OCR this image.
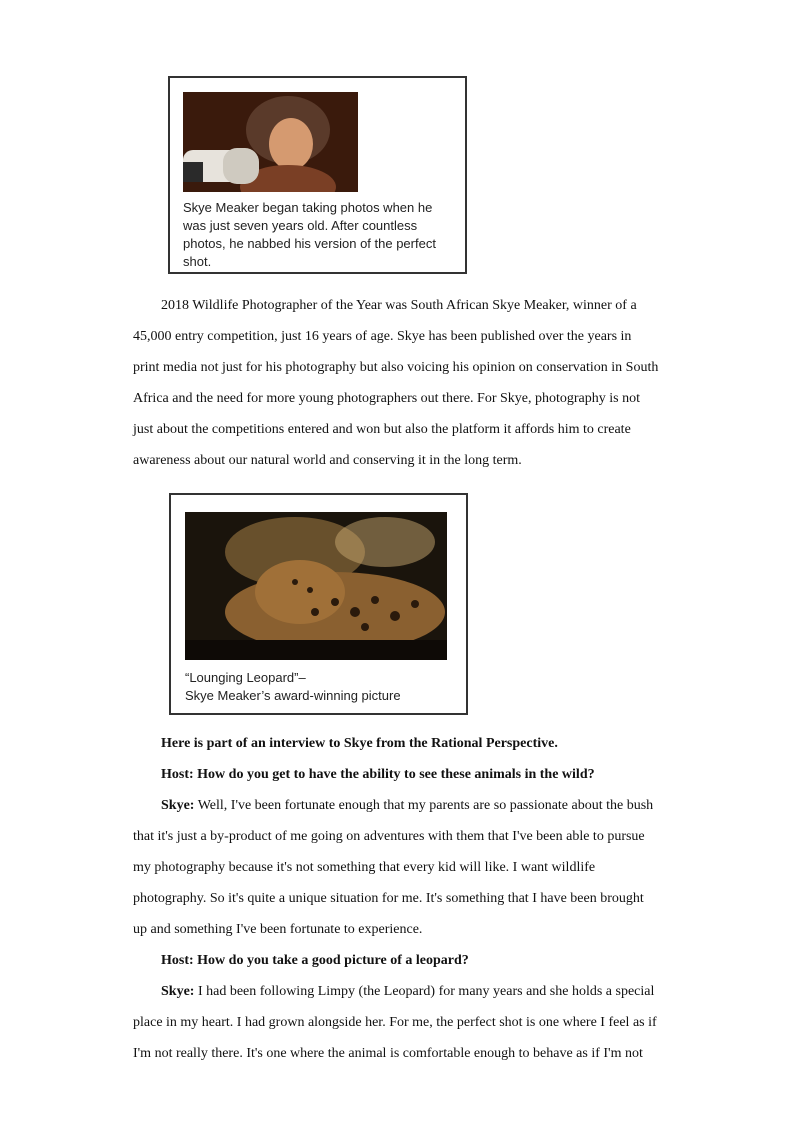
Skye Meaker began taking photos when he
was just seven years old. After countless
photos, he nabbed his version of the perfect
shot.
2018 Wildlife Photographer of the Year was South African Skye Meaker, winner of a
45,000 entry competition, just 16 years of age. Skye has been published over the years in
print media not just for his photography but also voicing his opinion on conservation in South
Africa and the need for more young photographers out there. For Skye, photography is not
just about the competitions entered and won but also the platform it affords him to create
awareness about our natural world and conserving it in the long term.
“Lounging Leopard”–
Skye Meaker’s award-winning picture
Here is part of an interview to Skye from the Rational Perspective.
Host: How do you get to have the ability to see these animals in the wild?
Skye: Well, I've been fortunate enough that my parents are so passionate about the bush
that it's just a by-product of me going on adventures with them that I've been able to pursue
my photography because it's not something that every kid will like. I want wildlife
photography. So it's quite a unique situation for me. It's something that I have been brought
up and something I've been fortunate to experience.
Host: How do you take a good picture of a leopard?
Skye: I had been following Limpy (the Leopard) for many years and she holds a special
place in my heart. I had grown alongside her. For me, the perfect shot is one where I feel as if
I'm not really there. It's one where the animal is comfortable enough to behave as if I'm not
